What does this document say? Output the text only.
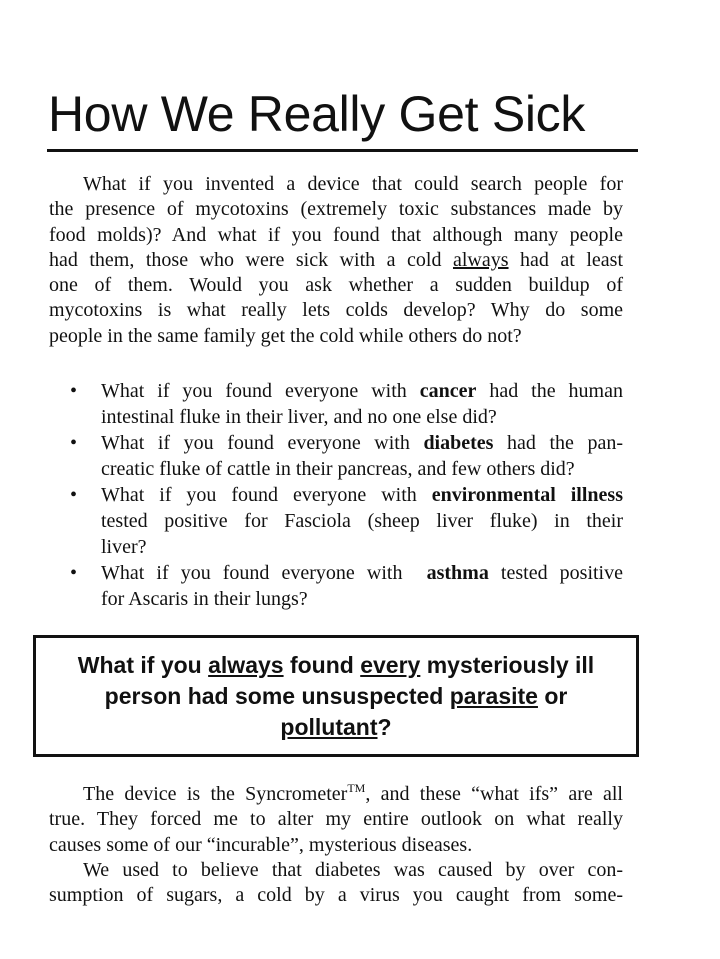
How We Really Get Sick

What if you invented a device that could search people for
the presence of mycotoxins (extremely toxic substances made by
food molds)? And what if you found that although many people
had them, those who were sick with a cold always had at least
one of them. Would you ask whether a sudden buildup of
mycotoxins is what really lets colds develop? Why do some
people in the same family get the cold while others do not?

•	What if you found everyone with cancer had the human
intestinal fluke in their liver, and no one else did?
•	What if you found everyone with diabetes had the pan-
creatic fluke of cattle in their pancreas, and few others did?
•	What if you found everyone with environmental illness
tested positive for Fasciola (sheep liver fluke) in their
liver?
•	What if you found everyone with  asthma tested positive
for Ascaris in their lungs?
What if you always found every mysteriously ill
person had some unsuspected parasite or
pollutant?

The device is the Syncrometer™, and these “what ifs” are all
true. They forced me to alter my entire outlook on what really
causes some of our “incurable”, mysterious diseases.
We used to believe that diabetes was caused by over con-
sumption of sugars, a cold by a virus you caught from some-
